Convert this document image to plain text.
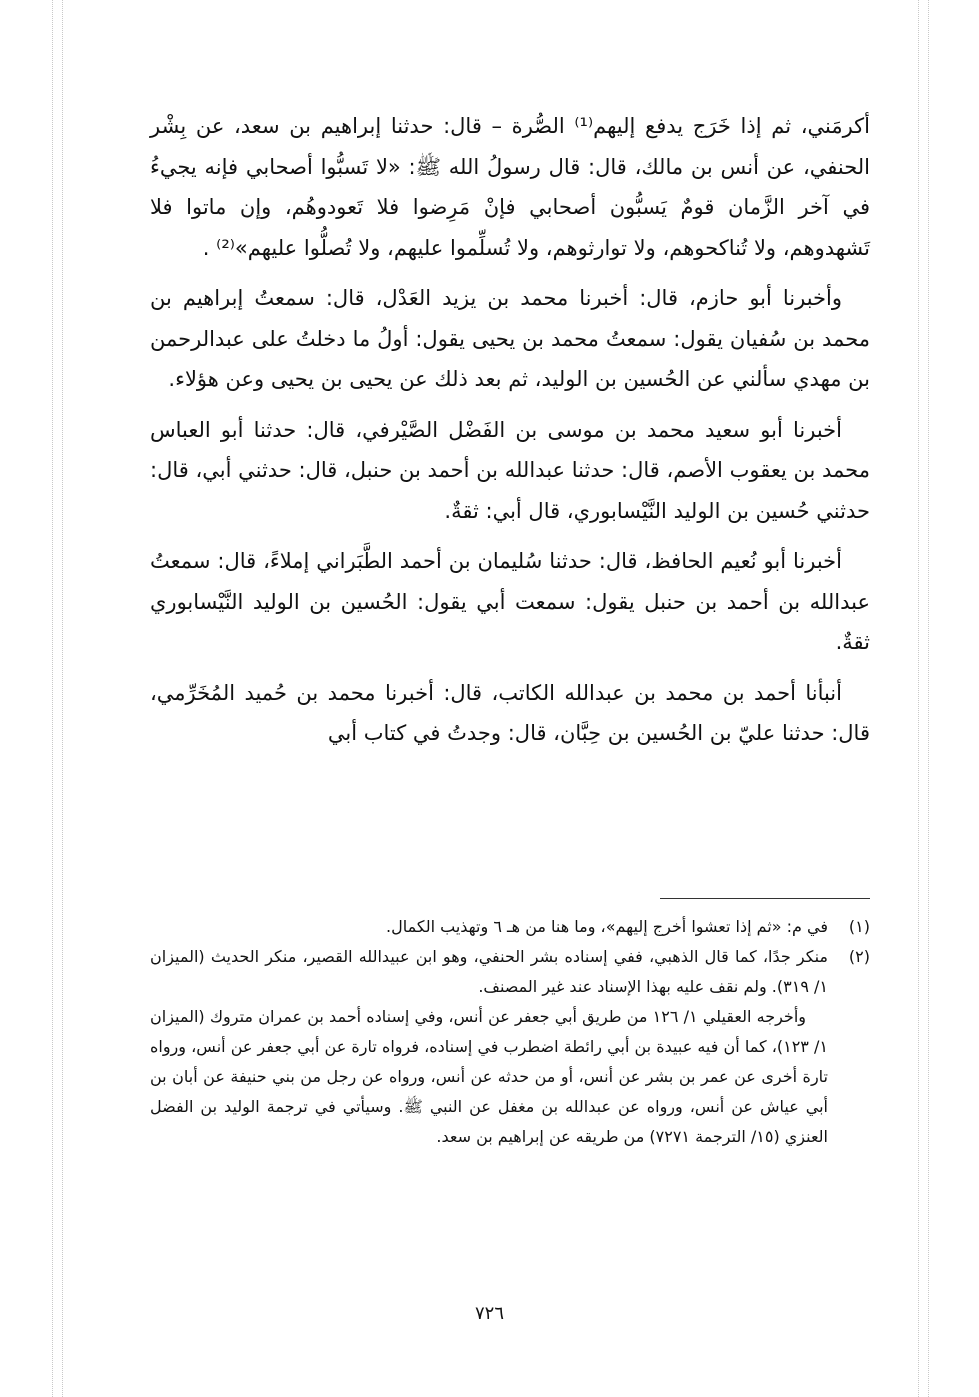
أكرمَني، ثم إذا خَرَج يدفع إليهم⁽¹⁾ الصُّرة – قال: حدثنا إبراهيم بن سعد، عن بِشْر الحنفي، عن أنس بن مالك، قال: قال رسولُ الله ﷺ: «لا تَسبُّوا أصحابي فإنه يجيءُ في آخر الزَّمان قومٌ يَسبُّون أصحابي فإنْ مَرِضوا فلا تَعودوهُم، وإن ماتوا فلا تَشهدوهم، ولا تُناكحوهم، ولا توارثوهم، ولا تُسلِّموا عليهم، ولا تُصلُّوا عليهم»⁽²⁾ .

وأخبرنا أبو حازم، قال: أخبرنا محمد بن يزيد العَدْل، قال: سمعتُ إبراهيم بن محمد بن سُفيان يقول: سمعتُ محمد بن يحيى يقول: أولُ ما دخلتُ على عبدالرحمن بن مهدي سألني عن الحُسين بن الوليد، ثم بعد ذلك عن يحيى بن يحيى وعن هؤلاء.

أخبرنا أبو سعيد محمد بن موسى بن الفَضْل الصَّيْرفي، قال: حدثنا أبو العباس محمد بن يعقوب الأصم، قال: حدثنا عبدالله بن أحمد بن حنبل، قال: حدثني أبي، قال: حدثني حُسين بن الوليد النَّيْسابوري، قال أبي: ثقةٌ.

أخبرنا أبو نُعيم الحافظ، قال: حدثنا سُليمان بن أحمد الطَّبَراني إملاءً، قال: سمعتُ عبدالله بن أحمد بن حنبل يقول: سمعت أبي يقول: الحُسين بن الوليد النَّيْسابوري ثقةٌ.

أنبأنا أحمد بن محمد بن عبدالله الكاتب، قال: أخبرنا محمد بن حُميد المُخَرِّمي، قال: حدثنا عليّ بن الحُسين بن حِبَّان، قال: وجدتُ في كتاب أبي

(١)

في م: «ثم إذا تعشوا أخرج إليهم»، وما هنا من هـ ٦ وتهذيب الكمال.

(٢)

منكر جدًا، كما قال الذهبي، ففي إسناده بشر الحنفي، وهو ابن عبيدالله القصير، منكر الحديث (الميزان ١/ ٣١٩). ولم نقف عليه بهذا الإسناد عند غير المصنف.

وأخرجه العقيلي ١/ ١٢٦ من طريق أبي جعفر عن أنس، وفي إسناده أحمد بن عمران متروك (الميزان ١/ ١٢٣)، كما أن فيه عبيدة بن أبي رائطة اضطرب في إسناده، فرواه تارة عن أبي جعفر عن أنس، ورواه تارة أخرى عن عمر بن بشر عن أنس، أو من حدثه عن أنس، ورواه عن رجل من بني حنيفة عن أبان بن أبي عياش عن أنس، ورواه عن عبدالله بن مغفل عن النبي ﷺ. وسيأتي في ترجمة الوليد بن الفضل العنزي (١٥/ الترجمة ٧٢٧١) من طريقه عن إبراهيم بن سعد.

٧٢٦
